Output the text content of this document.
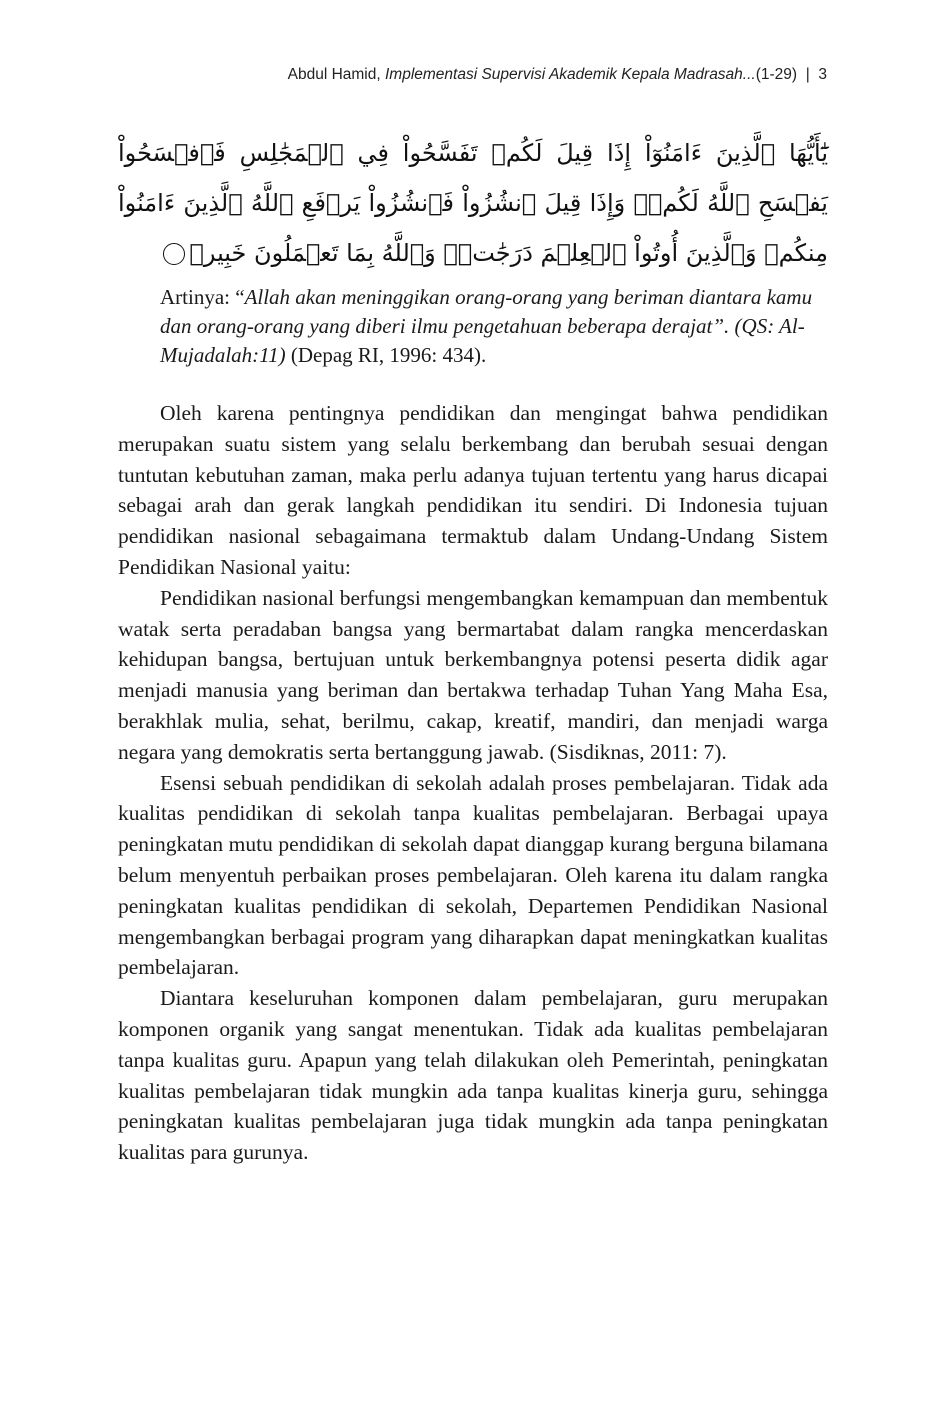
Abdul Hamid, Implementasi Supervisi Akademik Kepala Madrasah...(1-29) | 3
يَٰٓأَيُّهَا ٱلَّذِينَ ءَامَنُوٓاْ إِذَا قِيلَ لَكُمۡ تَفَسَّحُواْ فِي ٱلۡمَجَٰلِسِ فَٱفۡسَحُواْ يَفۡسَحِ ٱللَّهُ لَكُمۡۖ وَإِذَا قِيلَ ٱنشُزُواْ فَٱنشُزُواْ يَرۡفَعِ ٱللَّهُ ٱلَّذِينَ ءَامَنُواْ مِنكُمۡ وَٱلَّذِينَ أُوتُواْ ٱلۡعِلۡمَ دَرَجَٰتٖۚ وَٱللَّهُ بِمَا تَعۡمَلُونَ خَبِيرٞ
Artinya: “Allah akan meninggikan orang-orang yang beriman diantara kamu dan orang-orang yang diberi ilmu pengetahuan beberapa derajat”. (QS: Al-Mujadalah:11) (Depag RI, 1996: 434).

Oleh karena pentingnya pendidikan dan mengingat bahwa pendidikan merupakan suatu sistem yang selalu berkembang dan berubah sesuai dengan tuntutan kebutuhan zaman, maka perlu adanya tujuan tertentu yang harus dicapai sebagai arah dan gerak langkah pendidikan itu sendiri. Di Indonesia tujuan pendidikan nasional sebagaimana termaktub dalam Undang-Undang Sistem Pendidikan Nasional yaitu:

Pendidikan nasional berfungsi mengembangkan kemampuan dan membentuk watak serta peradaban bangsa yang bermartabat dalam rangka mencerdaskan kehidupan bangsa, bertujuan untuk berkembangnya potensi peserta didik agar menjadi manusia yang beriman dan bertakwa terhadap Tuhan Yang Maha Esa, berakhlak mulia, sehat, berilmu, cakap, kreatif, mandiri, dan menjadi warga negara yang demokratis serta bertanggung jawab. (Sisdiknas, 2011: 7).

Esensi sebuah pendidikan di sekolah adalah proses pembelajaran. Tidak ada kualitas pendidikan di sekolah tanpa kualitas pembelajaran. Berbagai upaya peningkatan mutu pendidikan di sekolah dapat dianggap kurang berguna bilamana belum menyentuh perbaikan proses pembelajaran. Oleh karena itu dalam rangka peningkatan kualitas pendidikan di sekolah, Departemen Pendidikan Nasional mengembangkan berbagai program yang diharapkan dapat meningkatkan kualitas pembelajaran.

Diantara keseluruhan komponen dalam pembelajaran, guru merupakan komponen organik yang sangat menentukan. Tidak ada kualitas pembelajaran tanpa kualitas guru. Apapun yang telah dilakukan oleh Pemerintah, peningkatan kualitas pembelajaran tidak mungkin ada tanpa kualitas kinerja guru, sehingga peningkatan kualitas pembelajaran juga tidak mungkin ada tanpa peningkatan kualitas para gurunya.
